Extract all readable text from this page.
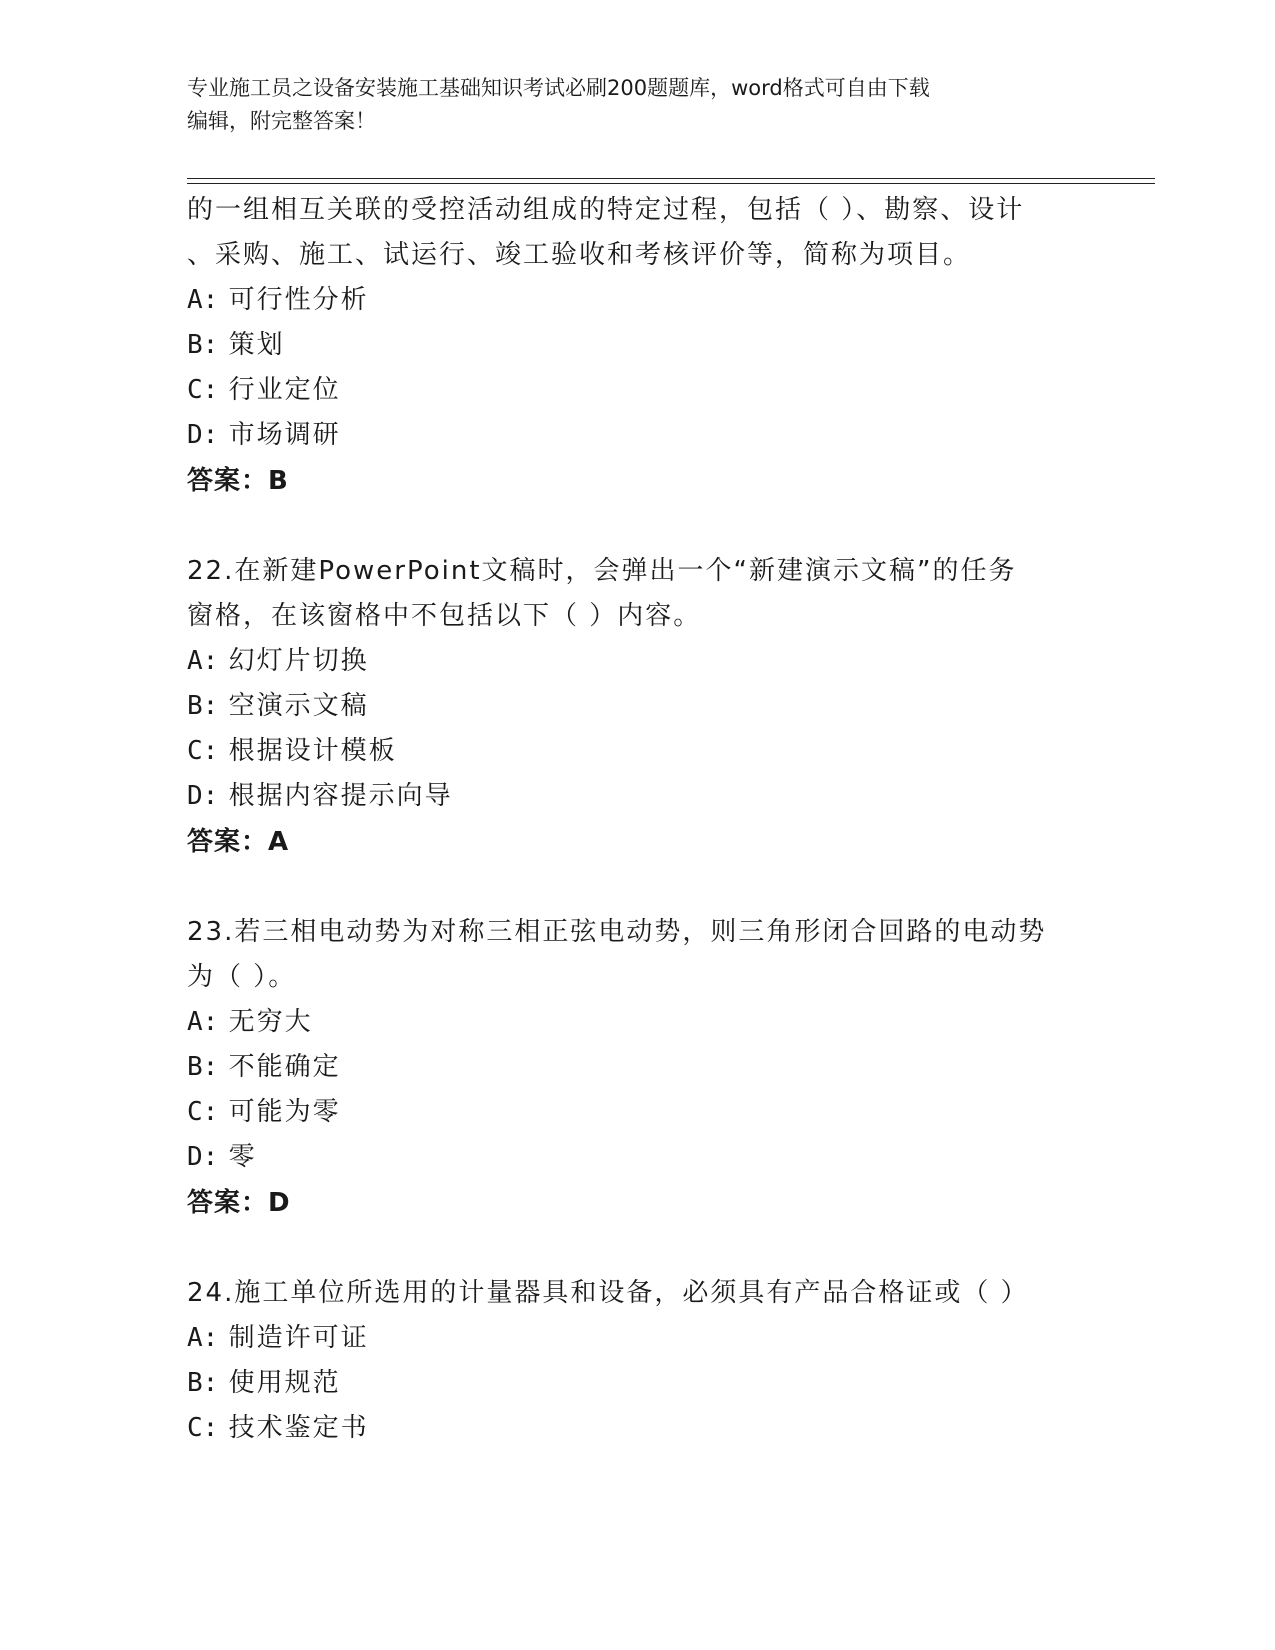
专业施工员之设备安装施工基础知识考试必刷200题题库，word格式可自由下载
编辑，附完整答案！
的一组相互关联的受控活动组成的特定过程，包括（ ）、勘察、设计
、采购、施工、试运行、竣工验收和考核评价等，简称为项目。
A: 可行性分析
B: 策划
C: 行业定位
D: 市场调研
答案：B
22.在新建PowerPoint文稿时，会弹出一个“新建演示文稿”的任务
窗格，在该窗格中不包括以下（ ）内容。
A: 幻灯片切换
B: 空演示文稿
C: 根据设计模板
D: 根据内容提示向导
答案：A
23.若三相电动势为对称三相正弦电动势，则三角形闭合回路的电动势
为（ ）。
A: 无穷大
B: 不能确定
C: 可能为零
D: 零
答案：D
24.施工单位所选用的计量器具和设备，必须具有产品合格证或（ ）
A: 制造许可证
B: 使用规范
C: 技术鉴定书
